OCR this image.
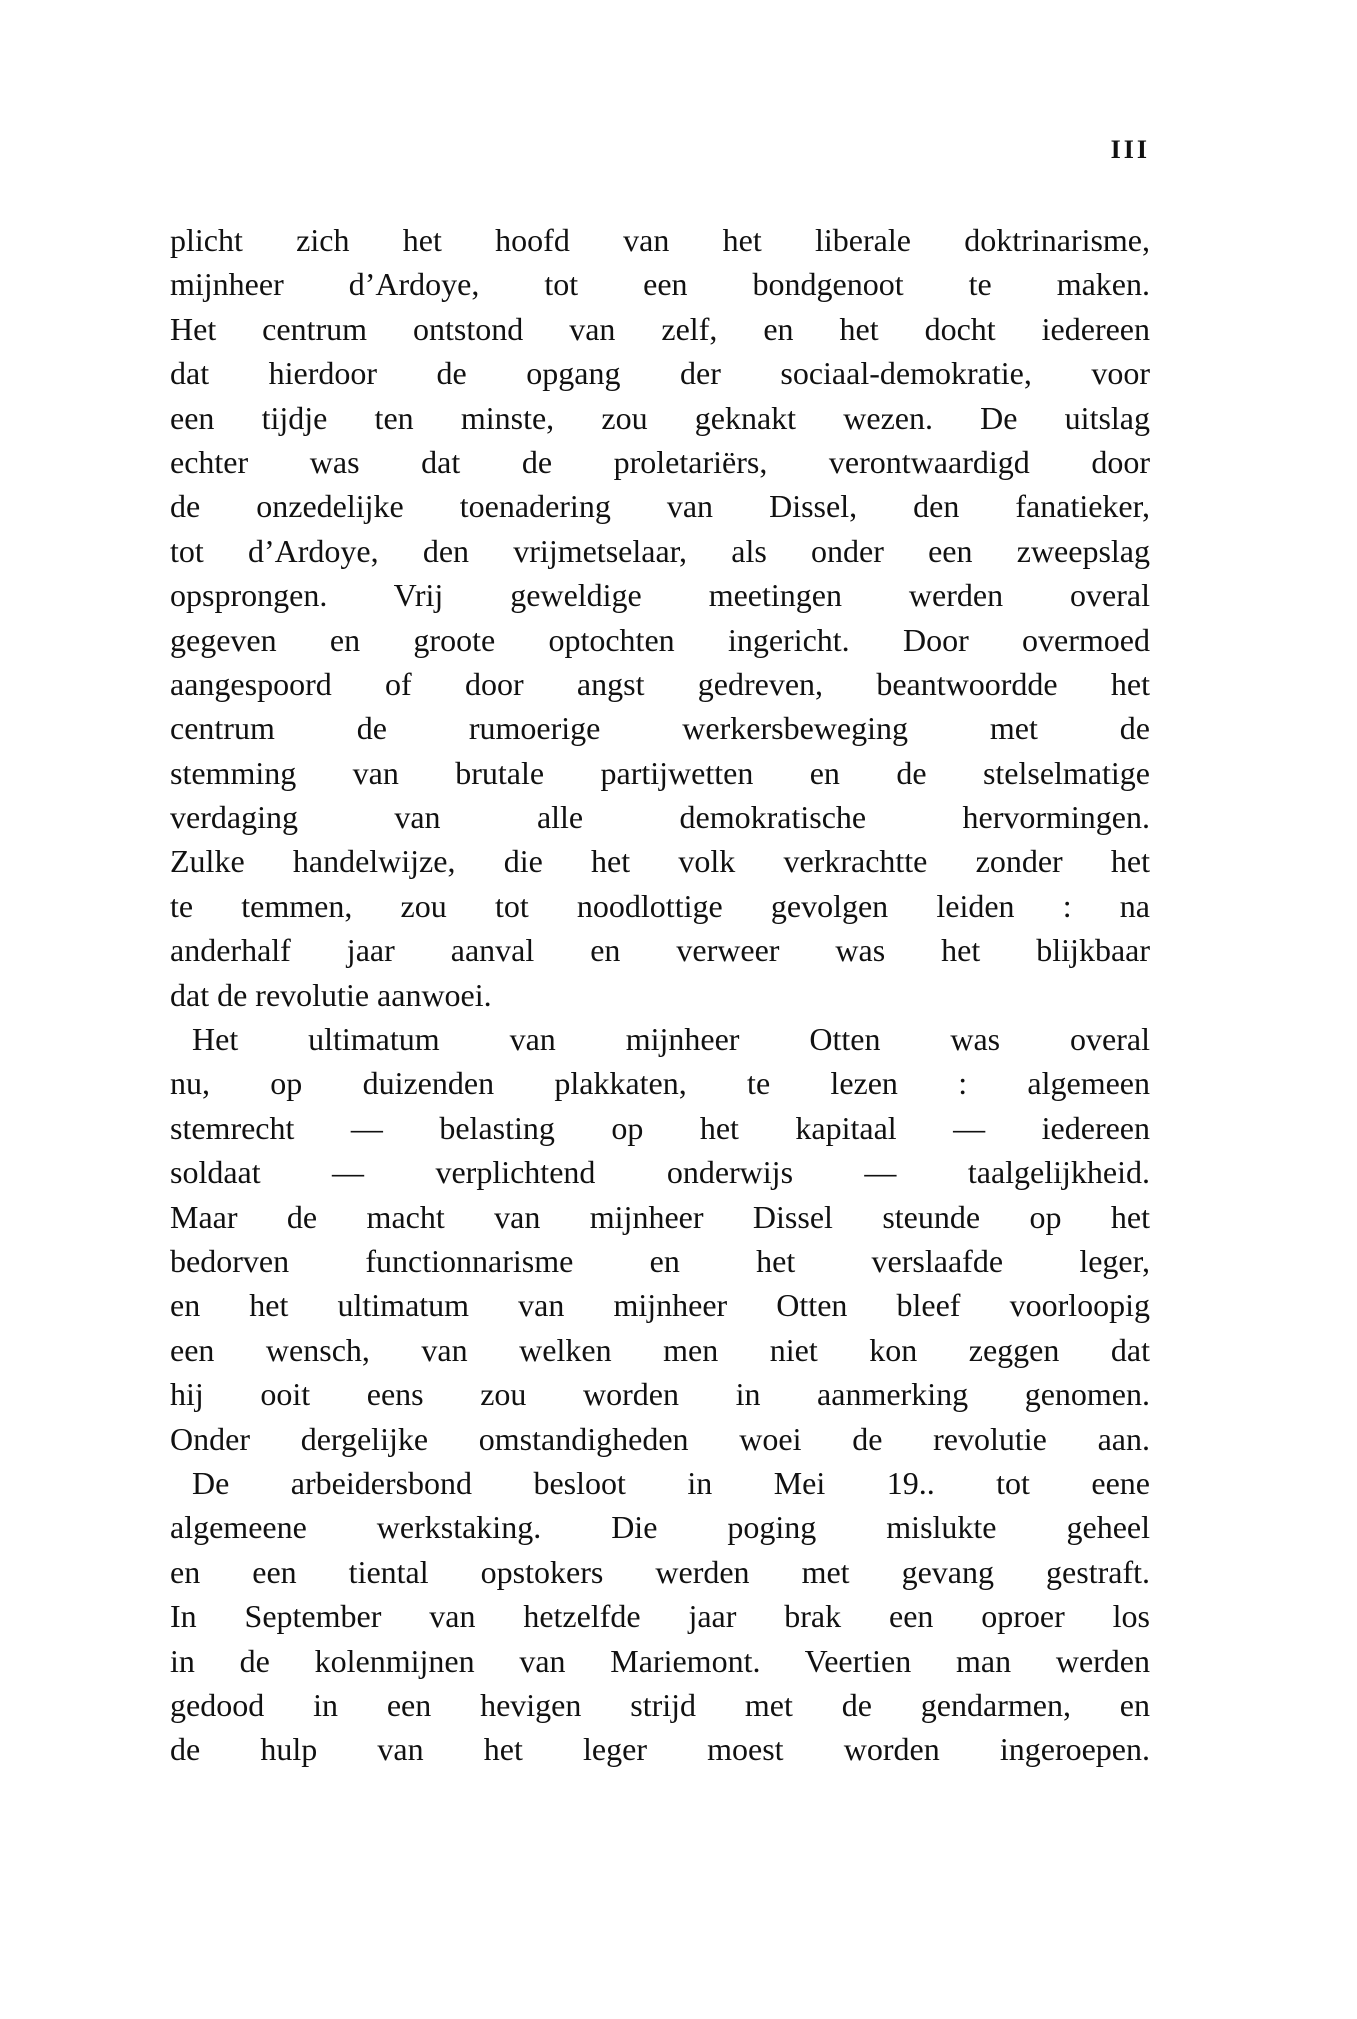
III
plicht zich het hoofd van het liberale doktrinarisme,
mijnheer d’Ardoye, tot een bondgenoot te maken.
Het centrum ontstond van zelf, en het docht iedereen
dat hierdoor de opgang der sociaal-demokratie, voor
een tijdje ten minste, zou geknakt wezen. De uitslag
echter was dat de proletariërs, verontwaardigd door
de onzedelijke toenadering van Dissel, den fanatieker,
tot d’Ardoye, den vrijmetselaar, als onder een zweepslag
opsprongen. Vrij geweldige meetingen werden overal
gegeven en groote optochten ingericht. Door overmoed
aangespoord of door angst gedreven, beantwoordde het
centrum de rumoerige werkersbeweging met de
stemming van brutale partijwetten en de stelselmatige
verdaging van alle demokratische hervormingen.
Zulke handelwijze, die het volk verkrachtte zonder het
te temmen, zou tot noodlottige gevolgen leiden : na
anderhalf jaar aanval en verweer was het blijkbaar
dat de revolutie aanwoei.
Het ultimatum van mijnheer Otten was overal
nu, op duizenden plakkaten, te lezen : algemeen
stemrecht — belasting op het kapitaal — iedereen
soldaat — verplichtend onderwijs — taalgelijkheid.
Maar de macht van mijnheer Dissel steunde op het
bedorven functionnarisme en het verslaafde leger,
en het ultimatum van mijnheer Otten bleef voorloopig
een wensch, van welken men niet kon zeggen dat
hij ooit eens zou worden in aanmerking genomen.
Onder dergelijke omstandigheden woei de revolutie aan.
De arbeidersbond besloot in Mei 19.. tot eene
algemeene werkstaking. Die poging mislukte geheel
en een tiental opstokers werden met gevang gestraft.
In September van hetzelfde jaar brak een oproer los
in de kolenmijnen van Mariemont. Veertien man werden
gedood in een hevigen strijd met de gendarmen, en
de hulp van het leger moest worden ingeroepen.
